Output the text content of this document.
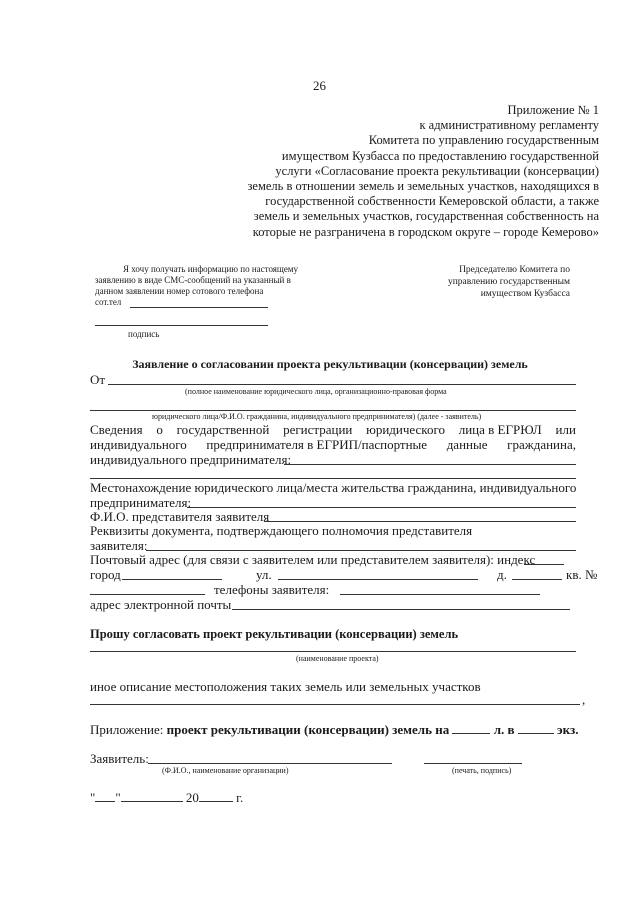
26
Приложение № 1
к административному регламенту
Комитета по управлению государственным
имуществом Кузбасса по предоставлению государственной
услуги «Согласование проекта рекультивации (консервации)
земель в отношении земель и земельных участков, находящихся в
государственной собственности Кемеровской области, а также
земель и земельных участков, государственная собственность на
которые не разграничена в городском округе – городе Кемерово»
Я хочу получать информацию по настоящему
заявлению в виде СМС-сообщений на указанный в
данном заявлении номер сотового телефона
сот.тел
подпись
Председателю Комитета по
управлению государственным
имуществом Кузбасса
Заявление о согласовании проекта рекультивации (консервации) земель
От
(полное наименование юридического лица, организационно-правовая форма
юридического лица/Ф.И.О. гражданина, индивидуального предпринимателя) (далее - заявитель)
Сведения о государственной регистрации юридического лица в ЕГРЮЛ или
индивидуального предпринимателя в ЕГРИП/паспортные данные гражданина,
индивидуального предпринимателя:
Местонахождение юридического лица/места жительства гражданина, индивидуального
предпринимателя:
Ф.И.О. представителя заявителя
Реквизиты документа, подтверждающего полномочия представителя
заявителя:
Почтовый адрес (для связи с заявителем или представителем заявителя): индекс
город	ул.	д.	кв. №
телефоны заявителя:
адрес электронной почты
Прошу согласовать проект рекультивации (консервации) земель
(наименование проекта)
иное описание местоположения таких земель или земельных участков
,
Приложение: проект рекультивации (консервации) земель на	л. в	экз.
Заявитель:
(Ф.И.О., наименование организации)	(печать, подпись)
" "	20	г.
